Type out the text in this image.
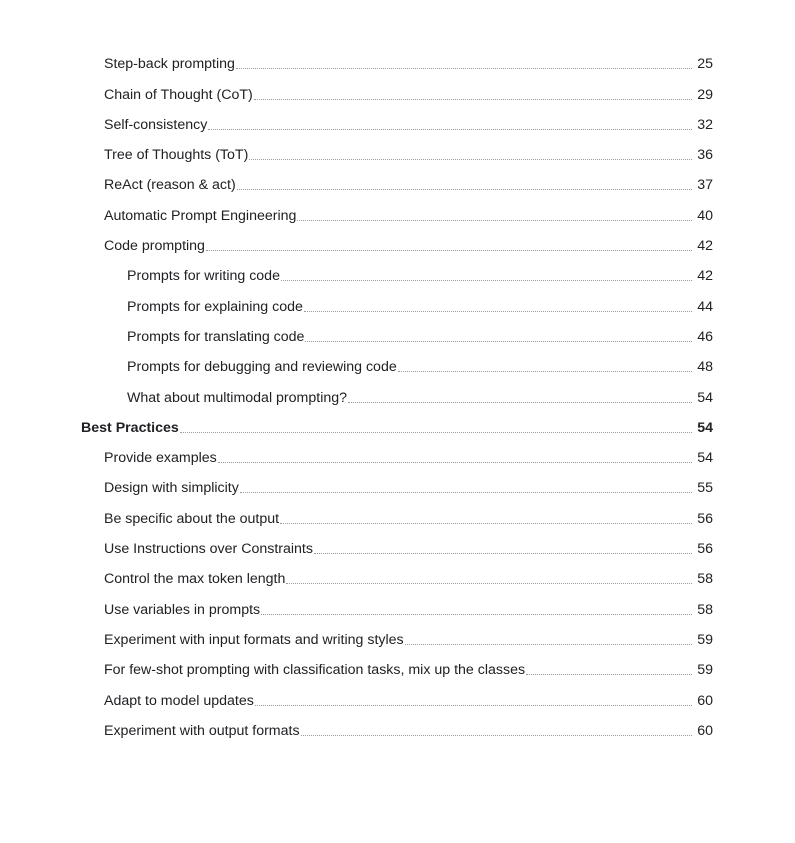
Step-back prompting	25
Chain of Thought (CoT)	29
Self-consistency	32
Tree of Thoughts (ToT)	36
ReAct (reason & act)	37
Automatic Prompt Engineering	40
Code prompting	42
Prompts for writing code	42
Prompts for explaining code	44
Prompts for translating code	46
Prompts for debugging and reviewing code	48
What about multimodal prompting?	54
Best Practices	54
Provide examples	54
Design with simplicity	55
Be specific about the output	56
Use Instructions over Constraints	56
Control the max token length	58
Use variables in prompts	58
Experiment with input formats and writing styles	59
For few-shot prompting with classification tasks, mix up the classes	59
Adapt to model updates	60
Experiment with output formats	60
